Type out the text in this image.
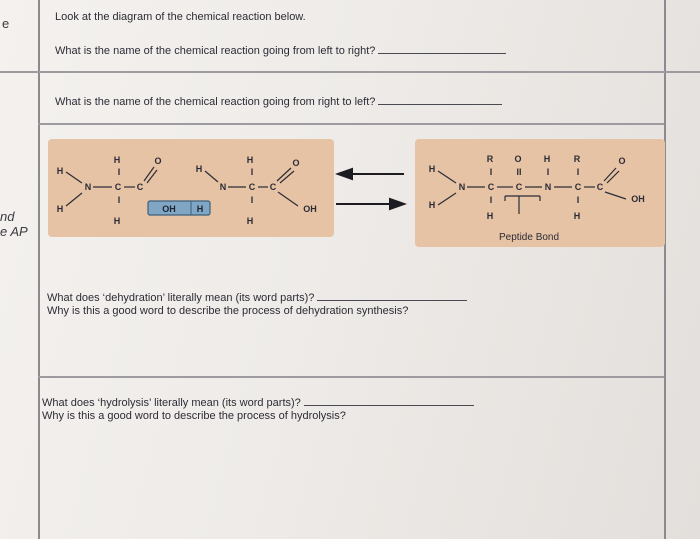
e
nd
e AP
Look at the diagram of the chemical reaction below.
What is the name of the chemical reaction going from left to right?
What is the name of the chemical reaction going from right to left?
What does ‘dehydration’ literally mean (its word parts)?
Why is this a good word to describe the process of dehydration synthesis?
What does ‘hydrolysis’ literally mean (its word parts)?
Why is this a good word to describe the process of hydrolysis?
H
I
H
N	C C
O
H
I
H
H
I
H
N	C C
O
I
H
OH
R O H	R
I	II	I	I
H
N	C C	N	C C
O
OH
H	I	I
H	H
OH H
Peptide Bond
